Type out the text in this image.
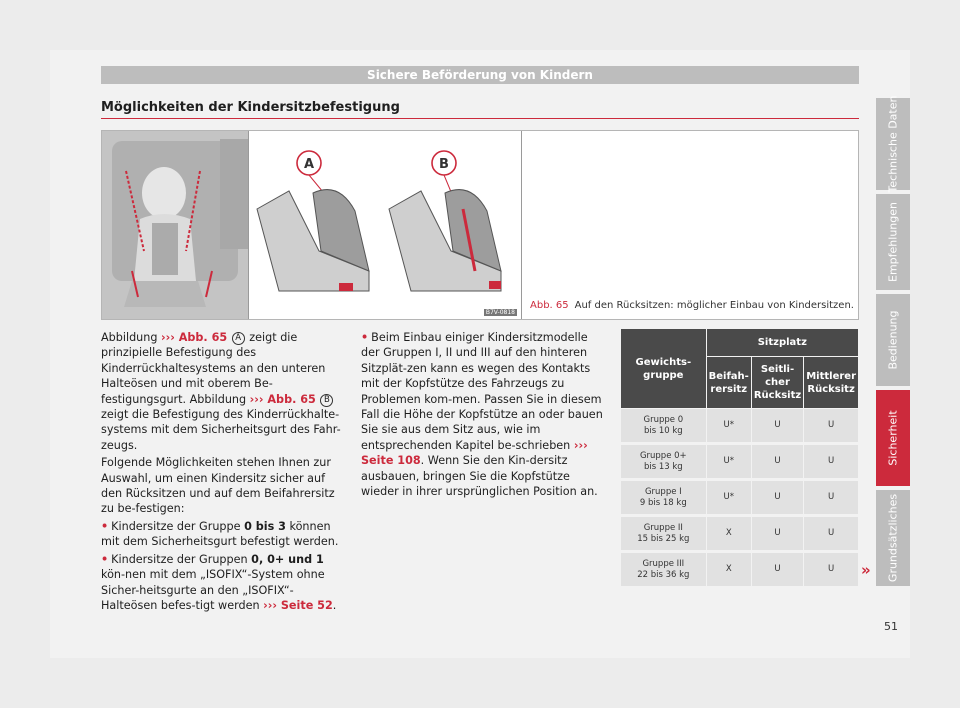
Sichere Beförderung von Kindern
Möglichkeiten der Kindersitzbefestigung
A	B
B7V-0818
Abb. 65 Auf den Rücksitzen: möglicher Einbau von Kindersitzen.

Abbildung ››› Abb. 65 A zeigt die prinzipielle Befestigung des Kinderrückhaltesystems an den unteren Halteösen und mit oberem Be-festigungsgurt. Abbildung ››› Abb. 65 B zeigt die Befestigung des Kinderrückhalte-systems mit dem Sicherheitsgurt des Fahr-zeugs.

Folgende Möglichkeiten stehen Ihnen zur Auswahl, um einen Kindersitz sicher auf den Rücksitzen und auf dem Beifahrersitz zu be-festigen:

• Kindersitze der Gruppe 0 bis 3 können mit dem Sicherheitsgurt befestigt werden.

• Kindersitze der Gruppen 0, 0+ und 1 kön-nen mit dem „ISOFIX“-System ohne Sicher-heitsgurte an den „ISOFIX“-Halteösen befes-tigt werden ››› Seite 52.

• Beim Einbau einiger Kindersitzmodelle der Gruppen I, II und III auf den hinteren Sitzplät-zen kann es wegen des Kontakts mit der Kopfstütze des Fahrzeugs zu Problemen kom-men. Passen Sie in diesem Fall die Höhe der Kopfstütze an oder bauen Sie sie aus dem Sitz aus, wie im entsprechenden Kapitel be-schrieben ››› Seite 108. Wenn Sie den Kin-dersitz ausbauen, bringen Sie die Kopfstütze wieder in ihrer ursprünglichen Position an.

Gewichts-gruppe	Sitzplatz		
	Beifah-rersitz	Seitli-cher Rücksitz	Mittlerer Rücksitz
Gruppe 0
bis 10 kg	U*	U	U
Gruppe 0+
bis 13 kg	U*	U	U
Gruppe I
9 bis 18 kg	U*	U	U
Gruppe II
15 bis 25 kg	X	U	U
Gruppe III
22 bis 36 kg	X	U	U »
Technische Daten
Empfehlungen
Bedienung
Sicherheit
Grundsätzliches
51
